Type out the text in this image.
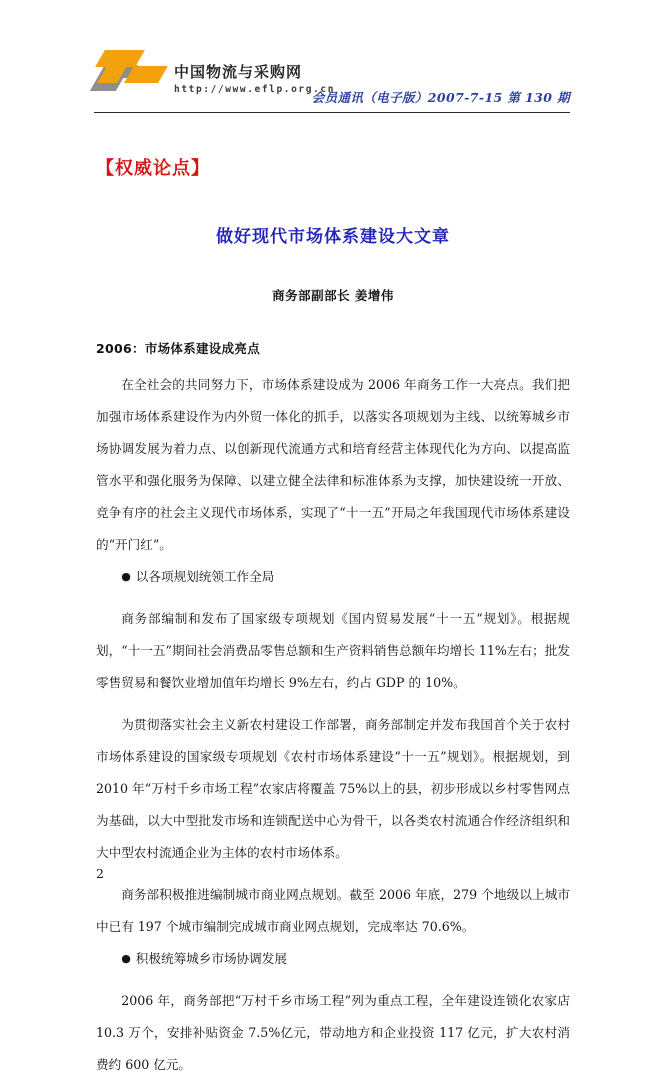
中国物流与采购网
http://www.eflp.org.cn
会员通讯（电子版）2007-7-15 第 130 期
【权威论点】
做好现代市场体系建设大文章
商务部副部长 姜增伟
2006：市场体系建设成亮点

在全社会的共同努力下，市场体系建设成为 2006 年商务工作一大亮点。我们把加强市场体系建设作为内外贸一体化的抓手，以落实各项规划为主线、以统筹城乡市场协调发展为着力点、以创新现代流通方式和培育经营主体现代化为方向、以提高监管水平和强化服务为保障、以建立健全法律和标准体系为支撑，加快建设统一开放、竞争有序的社会主义现代市场体系，实现了“十一五”开局之年我国现代市场体系建设的“开门红”。

● 以各项规划统领工作全局

商务部编制和发布了国家级专项规划《国内贸易发展“十一五”规划》。根据规划，“十一五”期间社会消费品零售总额和生产资料销售总额年均增长 11%左右；批发零售贸易和餐饮业增加值年均增长 9%左右，约占 GDP 的 10%。

为贯彻落实社会主义新农村建设工作部署，商务部制定并发布我国首个关于农村市场体系建设的国家级专项规划《农村市场体系建设“十一五”规划》。根据规划，到 2010 年“万村千乡市场工程”农家店将覆盖 75%以上的县，初步形成以乡村零售网点为基础，以大中型批发市场和连锁配送中心为骨干，以各类农村流通合作经济组织和大中型农村流通企业为主体的农村市场体系。

商务部积极推进编制城市商业网点规划。截至 2006 年底，279 个地级以上城市中已有 197 个城市编制完成城市商业网点规划，完成率达 70.6%。

● 积极统筹城乡市场协调发展

2006 年，商务部把“万村千乡市场工程”列为重点工程，全年建设连锁化农家店 10.3 万个，安排补贴资金 7.5%亿元，带动地方和企业投资 117 亿元，扩大农村消费约 600 亿元。

2
